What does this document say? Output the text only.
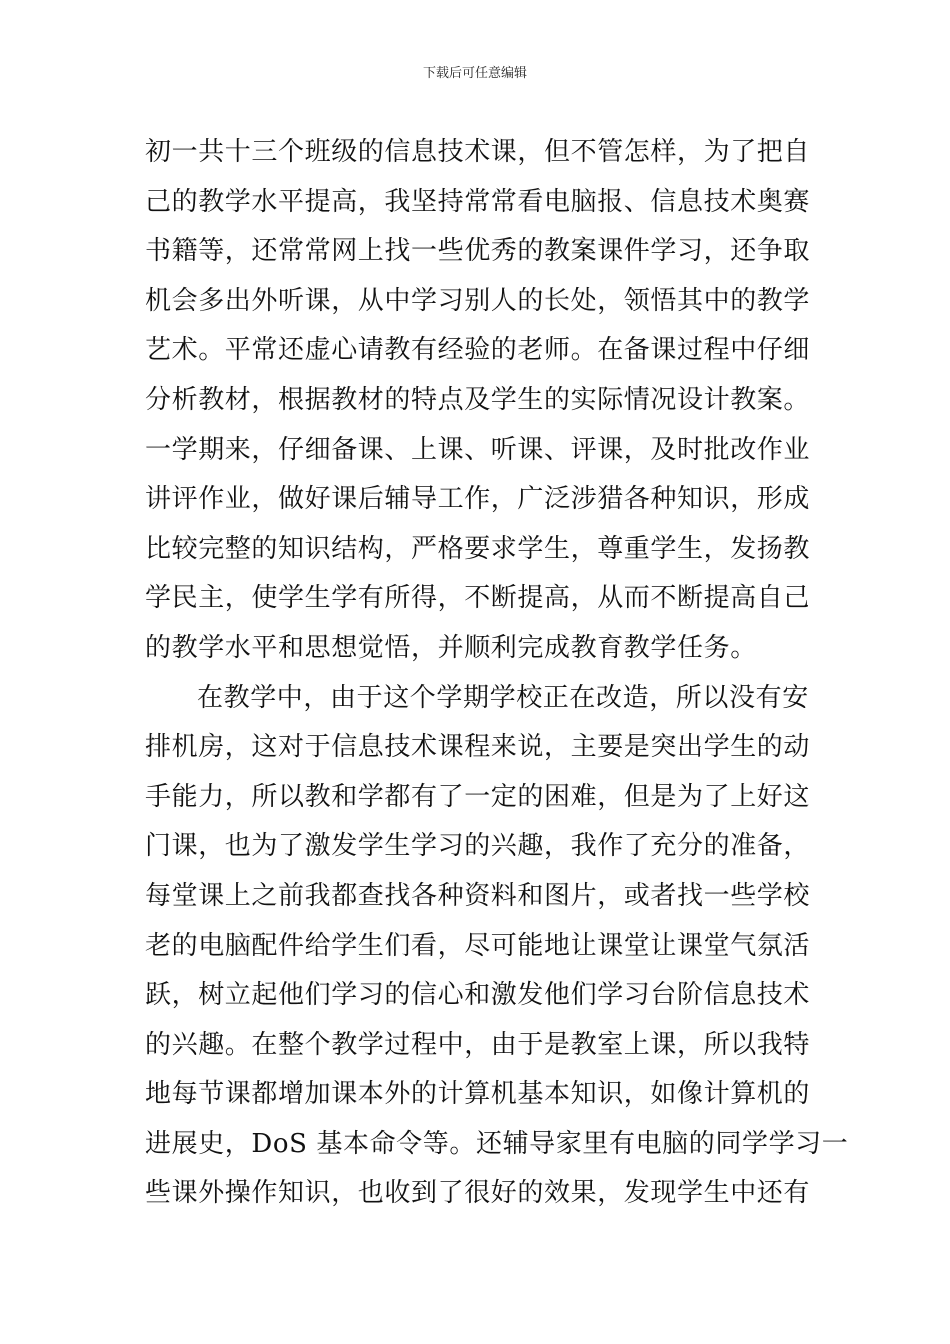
下载后可任意编辑
初一共十三个班级的信息技术课，但不管怎样，为了把自
己的教学水平提高，我坚持常常看电脑报、信息技术奥赛
书籍等，还常常网上找一些优秀的教案课件学习，还争取
机会多出外听课，从中学习别人的长处，领悟其中的教学
艺术。平常还虚心请教有经验的老师。在备课过程中仔细
分析教材，根据教材的特点及学生的实际情况设计教案。
一学期来，仔细备课、上课、听课、评课，及时批改作业
讲评作业，做好课后辅导工作，广泛涉猎各种知识，形成
比较完整的知识结构，严格要求学生，尊重学生，发扬教
学民主，使学生学有所得，不断提高，从而不断提高自己
的教学水平和思想觉悟，并顺利完成教育教学任务。
在教学中，由于这个学期学校正在改造，所以没有安
排机房，这对于信息技术课程来说，主要是突出学生的动
手能力，所以教和学都有了一定的困难，但是为了上好这
门课，也为了激发学生学习的兴趣，我作了充分的准备，
每堂课上之前我都查找各种资料和图片，或者找一些学校
老的电脑配件给学生们看，尽可能地让课堂让课堂气氛活
跃，树立起他们学习的信心和激发他们学习台阶信息技术
的兴趣。在整个教学过程中，由于是教室上课，所以我特
地每节课都增加课本外的计算机基本知识，如像计算机的
进展史，DoS 基本命令等。还辅导家里有电脑的同学学习一
些课外操作知识，也收到了很好的效果，发现学生中还有
